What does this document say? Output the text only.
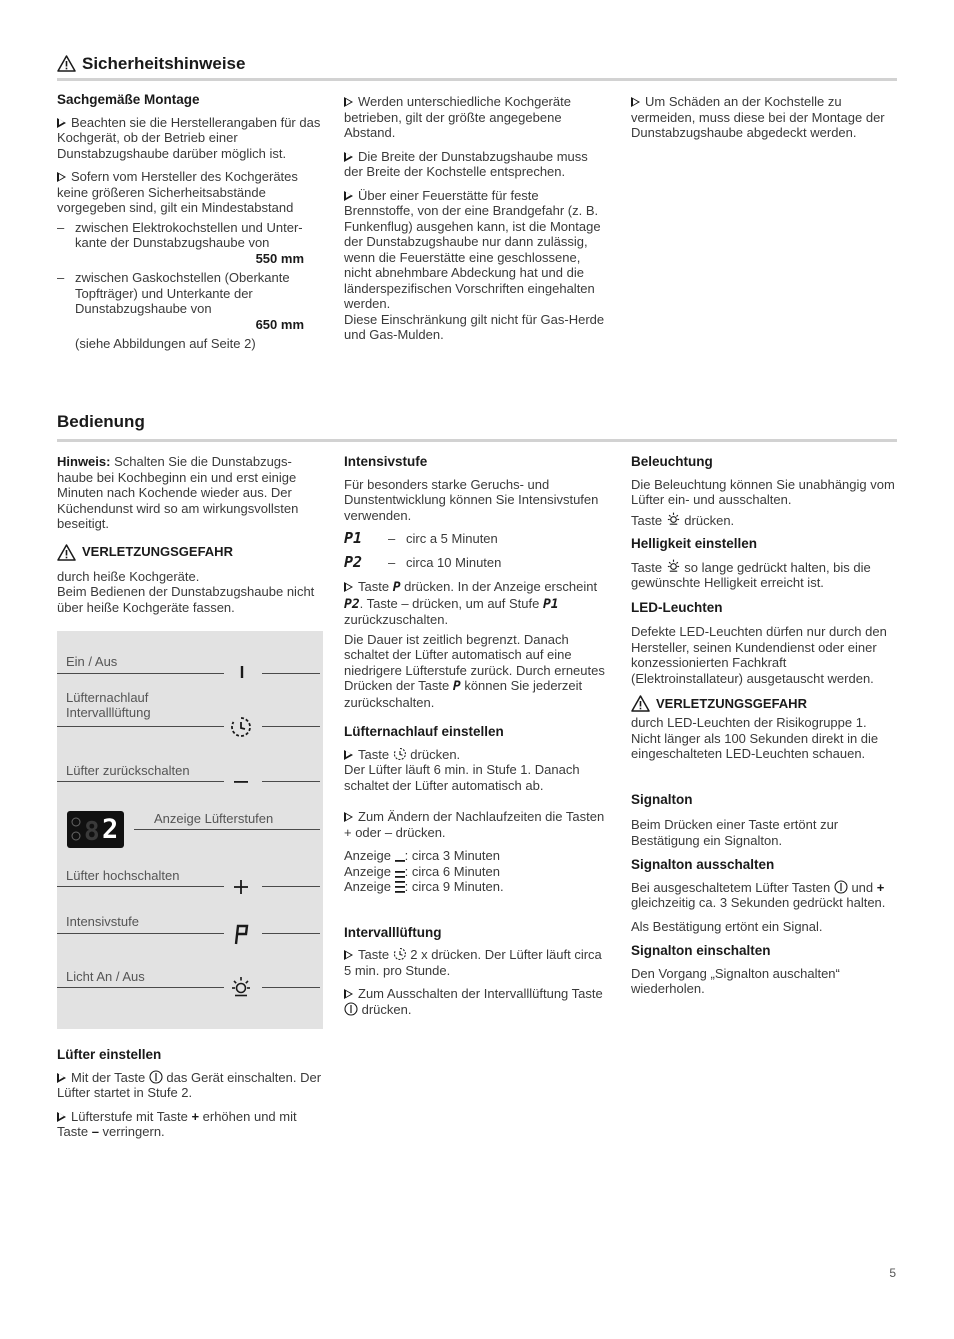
Sicherheitshinweise
Sachgemäße Montage

Beachten sie die Herstellerangaben für das Kochgerät, ob der Betrieb einer Dunstabzugshaube darüber möglich ist.

Sofern vom Hersteller des Kochgerätes keine größeren Sicherheitsabstände vorgegeben sind, gilt ein Mindestabstand

– zwischen Elektrokochstellen und Unter-kante der Dunstabzugshaube von
550 mm
– zwischen Gaskochstellen (Oberkante Topfträger) und Unterkante der Dunstabzugshaube von
650 mm
(siehe Abbildungen auf Seite 2)

Werden unterschiedliche Kochgeräte betrieben, gilt der größte angegebene Abstand.

Die Breite der Dunstabzugshaube muss der Breite der Kochstelle entsprechen.

Über einer Feuerstätte für feste Brennstoffe, von der eine Brandgefahr (z. B. Funkenflug) ausgehen kann, ist die Montage der Dunstabzugshaube nur dann zulässig, wenn die Feuerstätte eine geschlossene, nicht abnehmbare Abdeckung hat und die länderspezifischen Vorschriften eingehalten werden.

Diese Einschränkung gilt nicht für Gas-Herde und Gas-Mulden.

Um Schäden an der Kochstelle zu vermeiden, muss diese bei der Montage der Dunstabzugshaube abgedeckt werden.

Bedienung

Hinweis: Schalten Sie die Dunstabzugs-haube bei Kochbeginn ein und erst einige Minuten nach Kochende wieder aus. Der Küchendunst wird so am wirkungsvollsten beseitigt.

VERLETZUNGSGEFAHR
durch heiße Kochgeräte.
Beim Bedienen der Dunstabzugshaube nicht über heiße Kochgeräte fassen.
Ein / Aus
Lüfternachlauf
Intervalllüftung
Lüfter zurückschalten
8 2	Anzeige Lüfterstufen
Lüfter hochschalten
Intensivstufe
Licht An / Aus
Lüfter einstellen

Mit der Taste  das Gerät einschalten. Der Lüfter startet in Stufe 2.

Lüfterstufe mit Taste + erhöhen und mit Taste – verringern.

Intensivstufe

Für besonders starke Geruchs- und Dunstentwicklung können Sie Intensivstufen verwenden.

P1	– circ a 5 Minuten
P2	– circa 10 Minuten

Taste P drücken. In der Anzeige erscheint P2. Taste – drücken, um auf Stufe P1 zurückzuschalten.

Die Dauer ist zeitlich begrenzt. Danach schaltet der Lüfter automatisch auf eine niedrigere Lüfterstufe zurück. Durch erneutes Drücken der Taste P können Sie jederzeit zurückschalten.

Lüfternachlauf einstellen

Taste  drücken.

Der Lüfter läuft 6 min. in Stufe 1. Danach schaltet der Lüfter automatisch ab.

Zum Ändern der Nachlaufzeiten die Tasten + oder – drücken.

Anzeige : circa 3 Minuten
Anzeige : circa 6 Minuten
Anzeige : circa 9 Minuten.
Intervalllüftung

Taste  2 x drücken. Der Lüfter läuft circa 5 min. pro Stunde.

Zum Ausschalten der Intervalllüftung Taste  drücken.

Beleuchtung

Die Beleuchtung können Sie unabhängig vom Lüfter ein- und ausschalten.

Taste  drücken.

Helligkeit einstellen

Taste  so lange gedrückt halten, bis die gewünschte Helligkeit erreicht ist.

LED-Leuchten

Defekte LED-Leuchten dürfen nur durch den Hersteller, seinen Kundendienst oder einer konzessionierten Fachkraft (Elektroinstallateur) ausgetauscht werden.

VERLETZUNGSGEFAHR

durch LED-Leuchten der Risikogruppe 1. Nicht länger als 100 Sekunden direkt in die eingeschalteten LED-Leuchten schauen.

Signalton

Beim Drücken einer Taste ertönt zur Bestätigung ein Signalton.

Signalton ausschalten

Bei ausgeschaltetem Lüfter Tasten  und + gleichzeitig ca. 3 Sekunden gedrückt halten.

Als Bestätigung ertönt ein Signal.

Signalton einschalten

Den Vorgang „Signalton auschalten“ wiederholen.

5
